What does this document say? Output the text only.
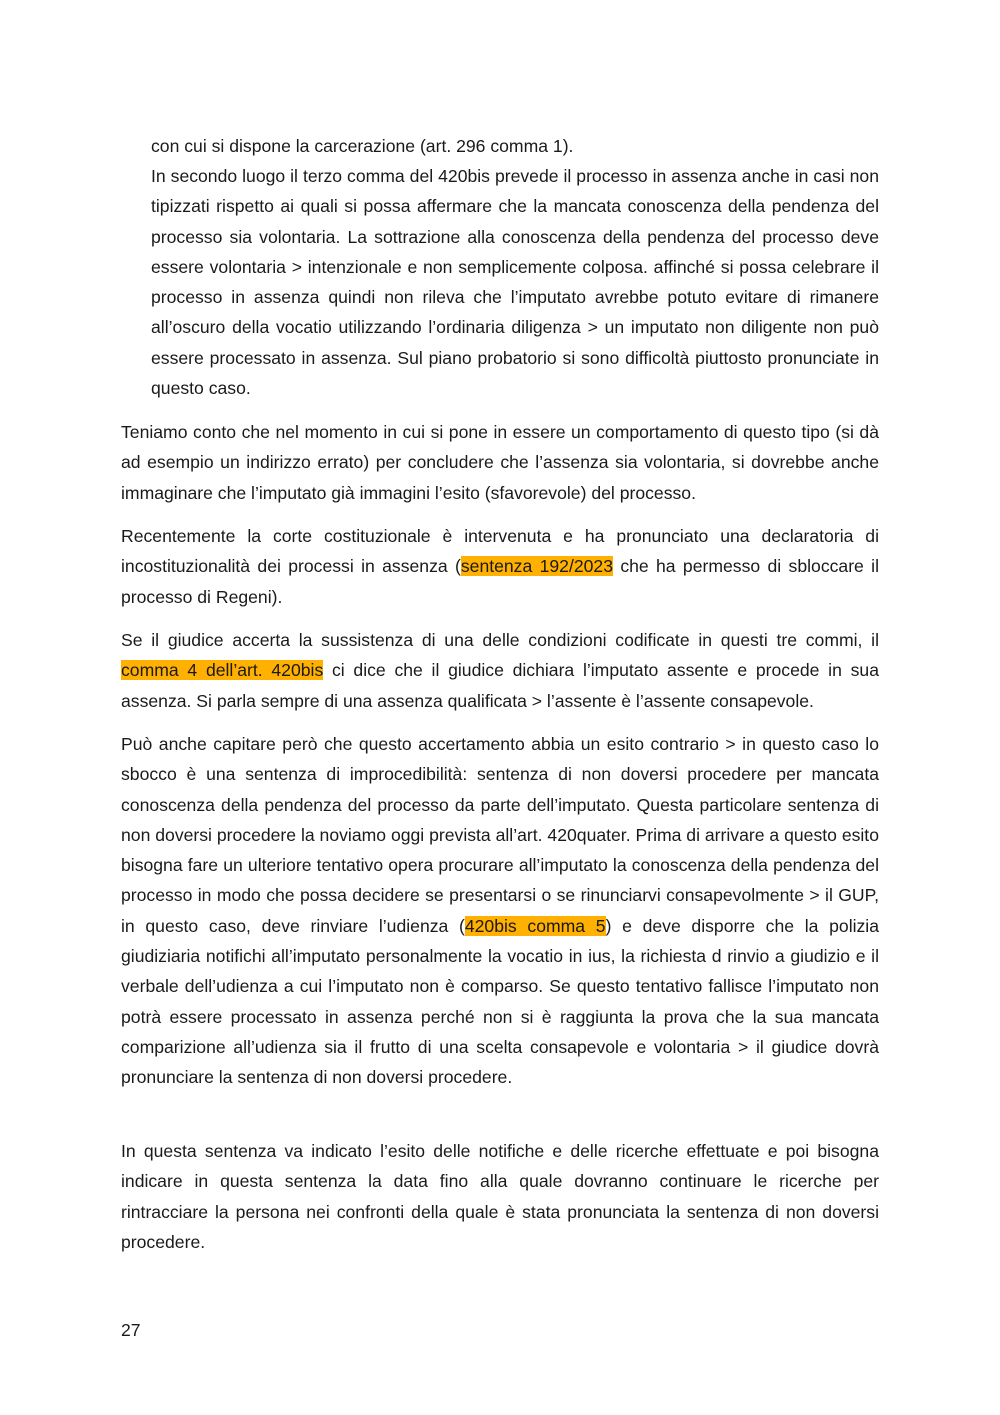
con cui si dispone la carcerazione (art. 296 comma 1).

In secondo luogo il terzo comma del 420bis prevede il processo in assenza anche in casi non tipizzati rispetto ai quali si possa affermare che la mancata conoscenza della pendenza del processo sia volontaria. La sottrazione alla conoscenza della pendenza del processo deve essere volontaria > intenzionale e non semplicemente colposa. affinché si possa celebrare il processo in assenza quindi non rileva che l’imputato avrebbe potuto evitare di rimanere all’oscuro della vocatio utilizzando l’ordinaria diligenza > un imputato non diligente non può essere processato in assenza. Sul piano probatorio si sono difficoltà piuttosto pronunciate in questo caso.

Teniamo conto che nel momento in cui si pone in essere un comportamento di questo tipo (si dà ad esempio un indirizzo errato) per concludere che l’assenza sia volontaria, si dovrebbe anche immaginare che l’imputato già immagini l’esito (sfavorevole) del processo.

Recentemente la corte costituzionale è intervenuta e ha pronunciato una declaratoria di incostituzionalità dei processi in assenza (sentenza 192/2023 che ha permesso di sbloccare il processo di Regeni).

Se il giudice accerta la sussistenza di una delle condizioni codificate in questi tre commi, il comma 4 dell’art. 420bis ci dice che il giudice dichiara l’imputato assente e procede in sua assenza. Si parla sempre di una assenza qualificata > l’assente è l’assente consapevole.

Può anche capitare però che questo accertamento abbia un esito contrario > in questo caso lo sbocco è una sentenza di improcedibilità: sentenza di non doversi procedere per mancata conoscenza della pendenza del processo da parte dell’imputato. Questa particolare sentenza di non doversi procedere la noviamo oggi prevista all’art. 420quater. Prima di arrivare a questo esito bisogna fare un ulteriore tentativo opera procurare all’imputato la conoscenza della pendenza del processo in modo che possa decidere se presentarsi o se rinunciarvi consapevolmente > il GUP, in questo caso, deve rinviare l’udienza (420bis comma 5) e deve disporre che la polizia giudiziaria notifichi all’imputato personalmente la vocatio in ius, la richiesta d rinvio a giudizio e il verbale dell’udienza a cui l’imputato non è comparso. Se questo tentativo fallisce l’imputato non potrà essere processato in assenza perché non si è raggiunta la prova che la sua mancata comparizione all’udienza sia il frutto di una scelta consapevole e volontaria > il giudice dovrà pronunciare la sentenza di non doversi procedere.

In questa sentenza va indicato l’esito delle notifiche e delle ricerche effettuate e poi bisogna indicare in questa sentenza la data fino alla quale dovranno continuare le ricerche per rintracciare la persona nei confronti della quale è stata pronunciata la sentenza di non doversi procedere.

27
